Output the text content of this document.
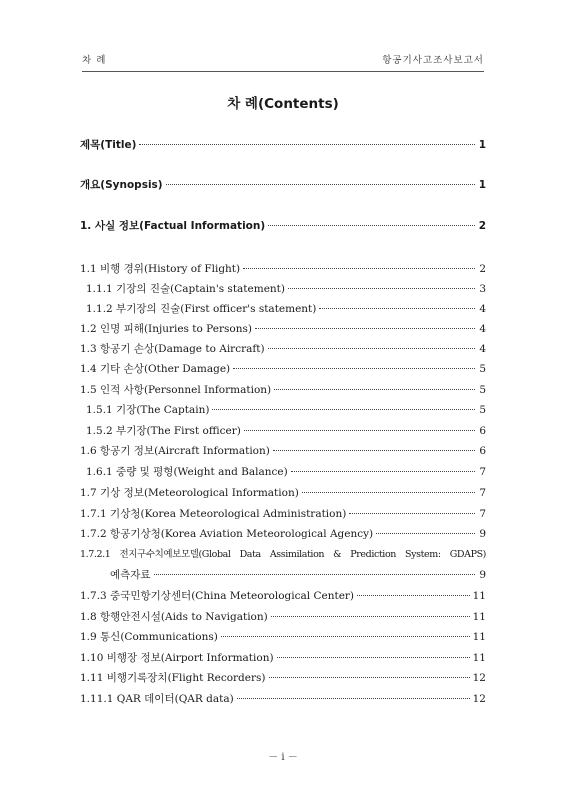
차 례	항공기사고조사보고서
차 례(Contents)
제목(Title)	1
개요(Synopsis)	1
1. 사실 정보(Factual Information)	2
1.1 비행 경위(History of Flight)	2
1.1.1 기장의 진술(Captain's statement)	3
1.1.2 부기장의 진술(First officer's statement)	4
1.2 인명 피해(Injuries to Persons)	4
1.3 항공기 손상(Damage to Aircraft)	4
1.4 기타 손상(Other Damage)	5
1.5 인적 사항(Personnel Information)	5
1.5.1 기장(The Captain)	5
1.5.2 부기장(The First officer)	6
1.6 항공기 정보(Aircraft Information)	6
1.6.1 중량 및 평형(Weight and Balance)	7
1.7 기상 정보(Meteorological Information)	7
1.7.1 기상청(Korea Meteorological Administration)	7
1.7.2 항공기상청(Korea Aviation Meteorological Agency)	9
1.7.2.1 전지구수치예보모델(Global Data Assimilation & Prediction System: GDAPS)
예측자료	9
1.7.3 중국민항기상센터(China Meteorological Center)	11
1.8 항행안전시설(Aids to Navigation)	11
1.9 통신(Communications)	11
1.10 비행장 정보(Airport Information)	11
1.11 비행기록장치(Flight Recorders)	12
1.11.1 QAR 데이터(QAR data)	12
－ i －
